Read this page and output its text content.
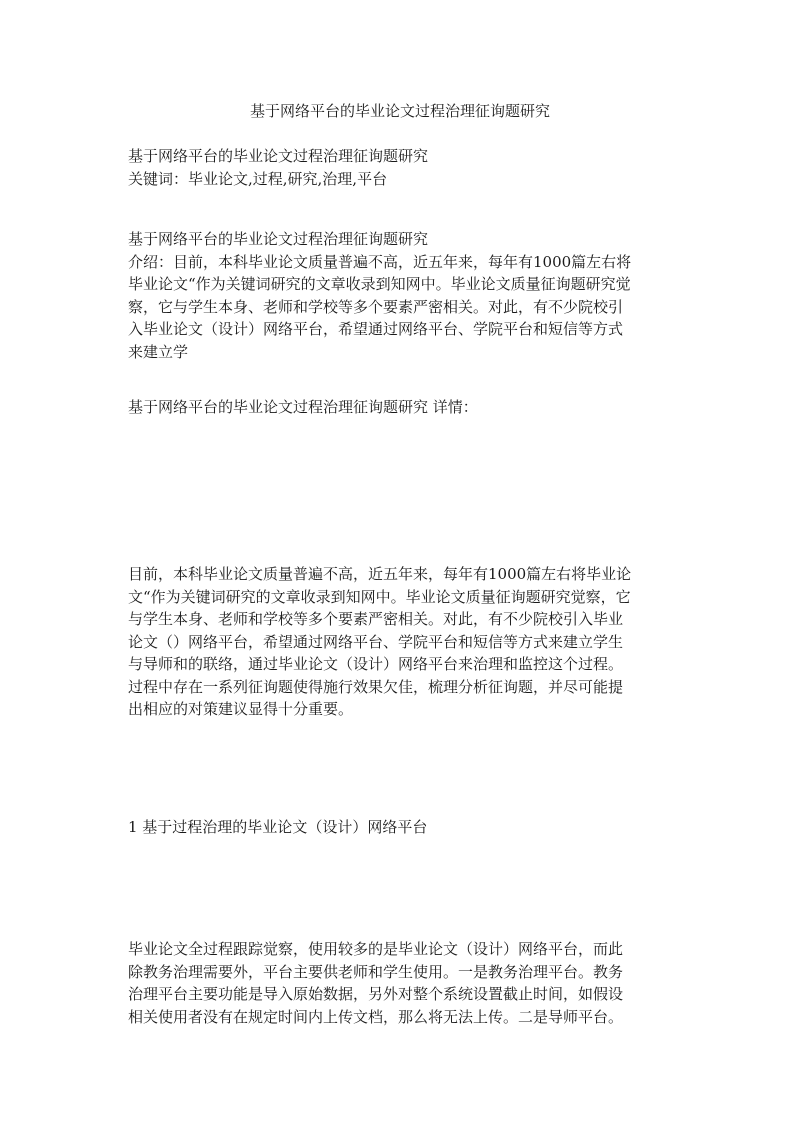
基于网络平台的毕业论文过程治理征询题研究
基于网络平台的毕业论文过程治理征询题研究
关键词：毕业论文,过程,研究,治理,平台
基于网络平台的毕业论文过程治理征询题研究
介绍：目前，本科毕业论文质量普遍不高，近五年来，每年有1000篇左右将
毕业论文“作为关键词研究的文章收录到知网中。毕业论文质量征询题研究觉
察，它与学生本身、老师和学校等多个要素严密相关。对此，有不少院校引
入毕业论文（设计）网络平台，希望通过网络平台、学院平台和短信等方式
来建立学
基于网络平台的毕业论文过程治理征询题研究 详情：
目前，本科毕业论文质量普遍不高，近五年来，每年有1000篇左右将毕业论
文“作为关键词研究的文章收录到知网中。毕业论文质量征询题研究觉察，它
与学生本身、老师和学校等多个要素严密相关。对此，有不少院校引入毕业
论文（）网络平台，希望通过网络平台、学院平台和短信等方式来建立学生
与导师和的联络，通过毕业论文（设计）网络平台来治理和监控这个过程。
过程中存在一系列征询题使得施行效果欠佳，梳理分析征询题，并尽可能提
出相应的对策建议显得十分重要。
1 基于过程治理的毕业论文（设计）网络平台
毕业论文全过程跟踪觉察，使用较多的是毕业论文（设计）网络平台，而此
除教务治理需要外，平台主要供老师和学生使用。一是教务治理平台。教务
治理平台主要功能是导入原始数据，另外对整个系统设置截止时间，如假设
相关使用者没有在规定时间内上传文档，那么将无法上传。二是导师平台。
